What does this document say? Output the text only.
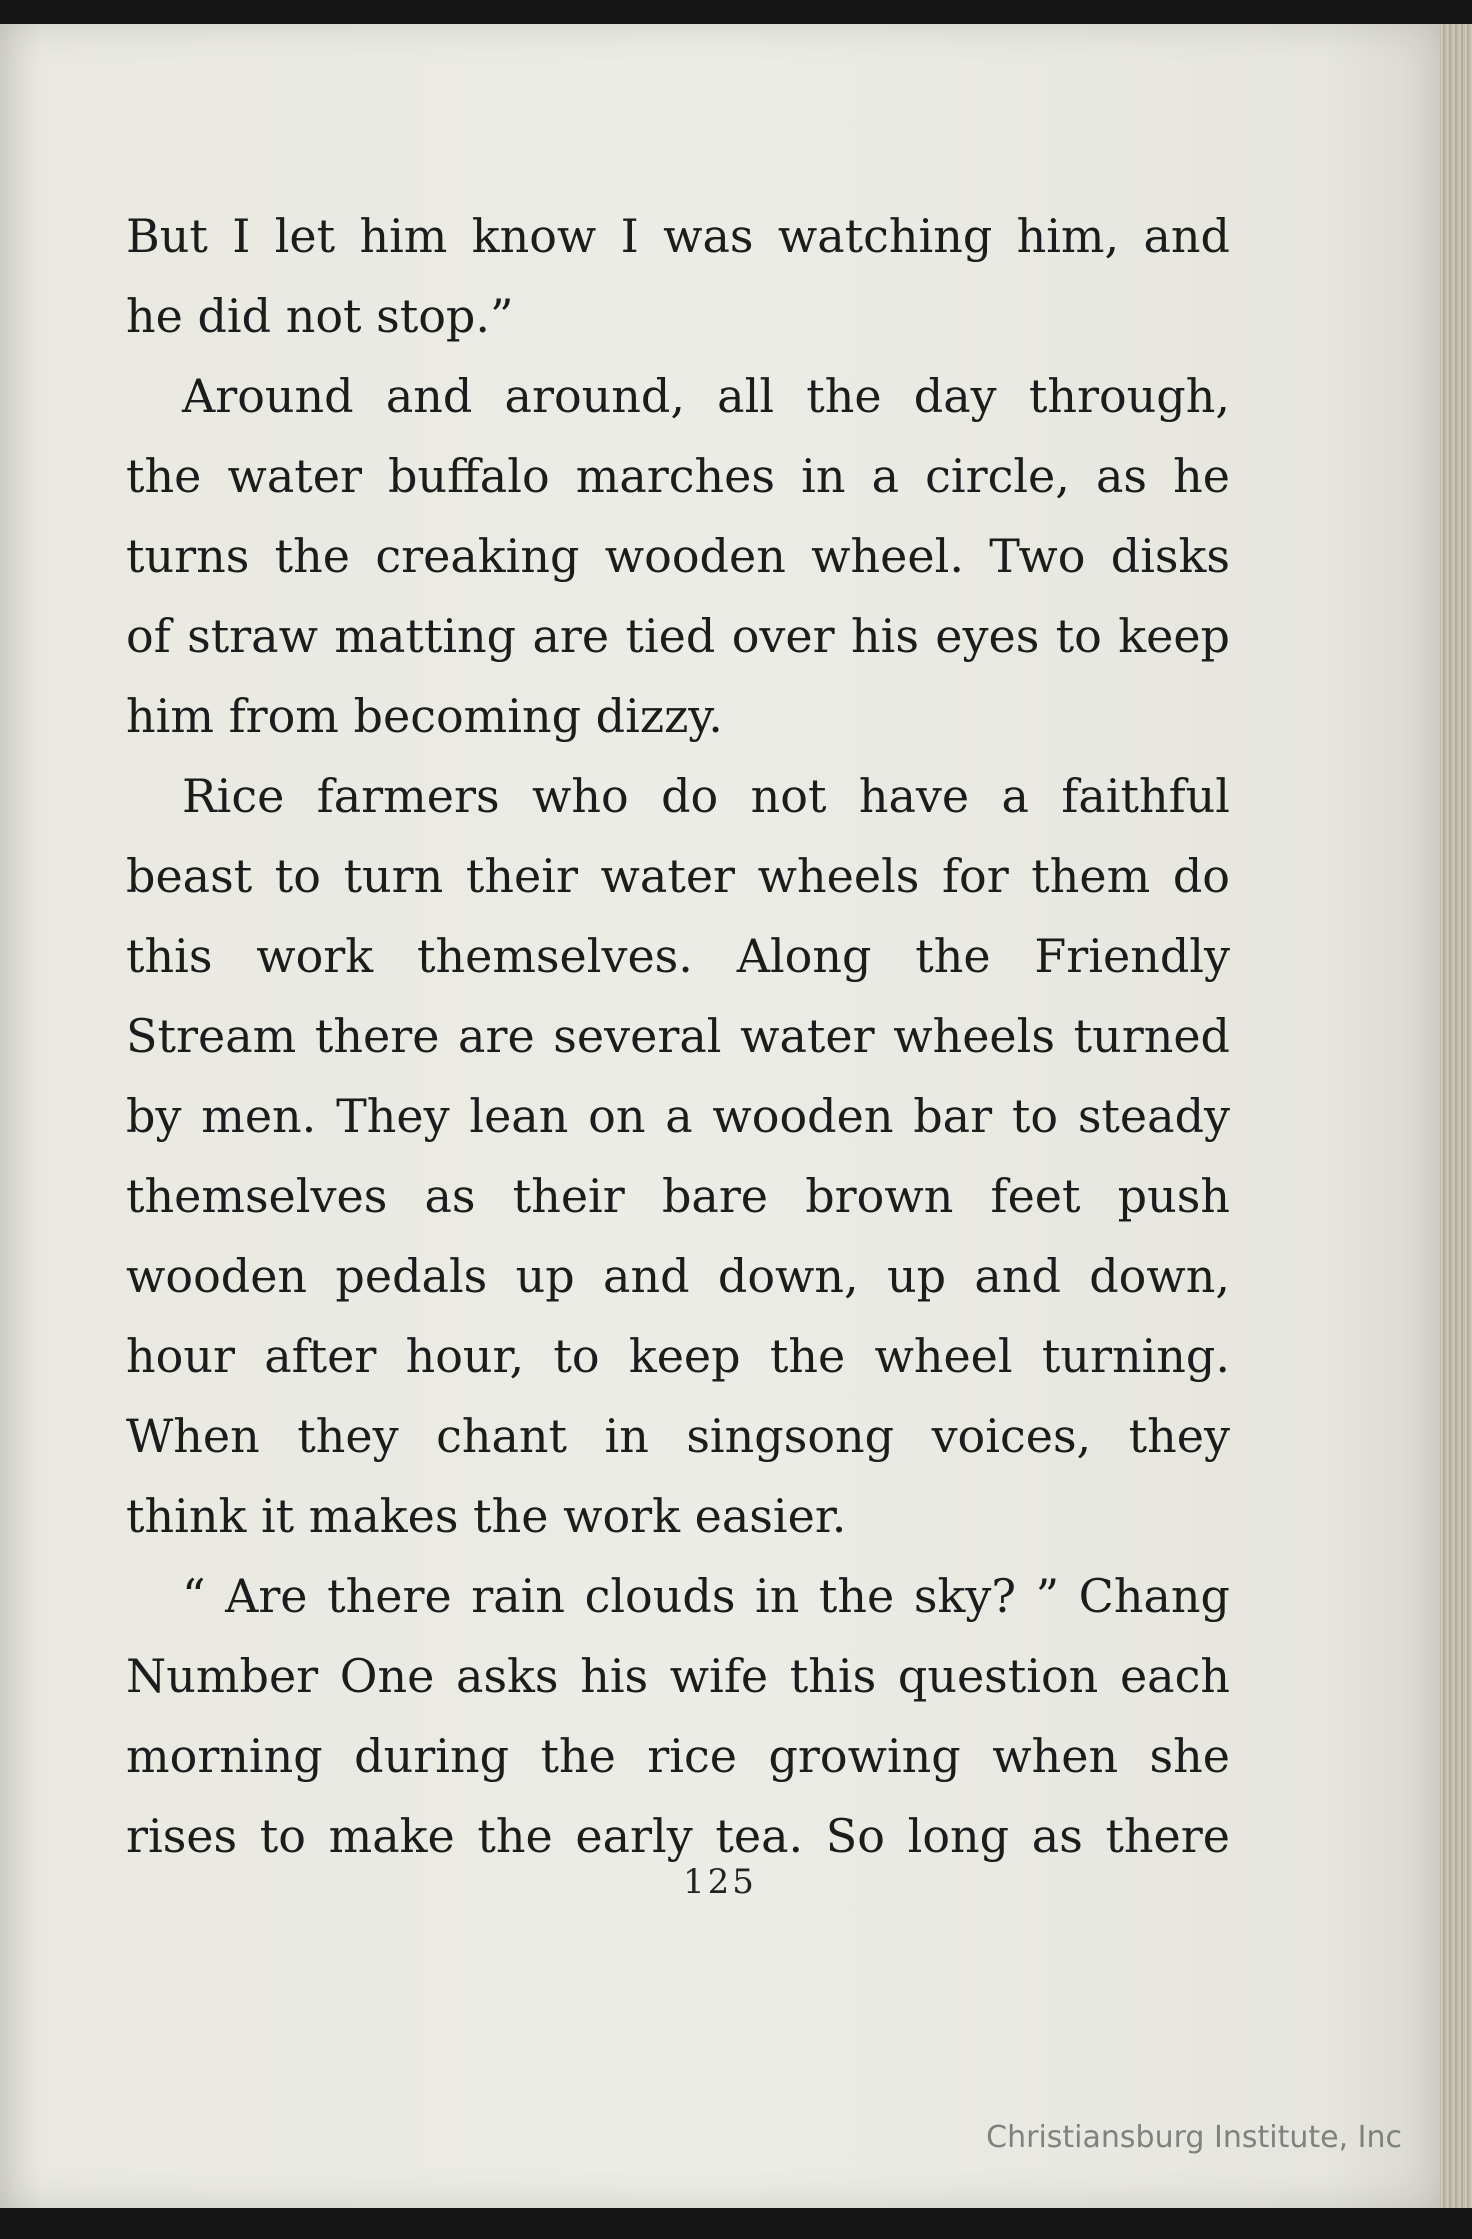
But I let him know I was watching him, and
he did not stop.”
Around and around, all the day through,
the water buffalo marches in a circle, as he
turns the creaking wooden wheel. Two disks
of straw matting are tied over his eyes to keep
him from becoming dizzy.
Rice farmers who do not have a faithful
beast to turn their water wheels for them do
this work themselves. Along the Friendly
Stream there are several water wheels turned
by men. They lean on a wooden bar to steady
themselves as their bare brown feet push
wooden pedals up and down, up and down,
hour after hour, to keep the wheel turning.
When they chant in singsong voices, they
think it makes the work easier.
“ Are there rain clouds in the sky? ” Chang
Number One asks his wife this question each
morning during the rice growing when she
rises to make the early tea. So long as there
125
Christiansburg Institute, Inc
